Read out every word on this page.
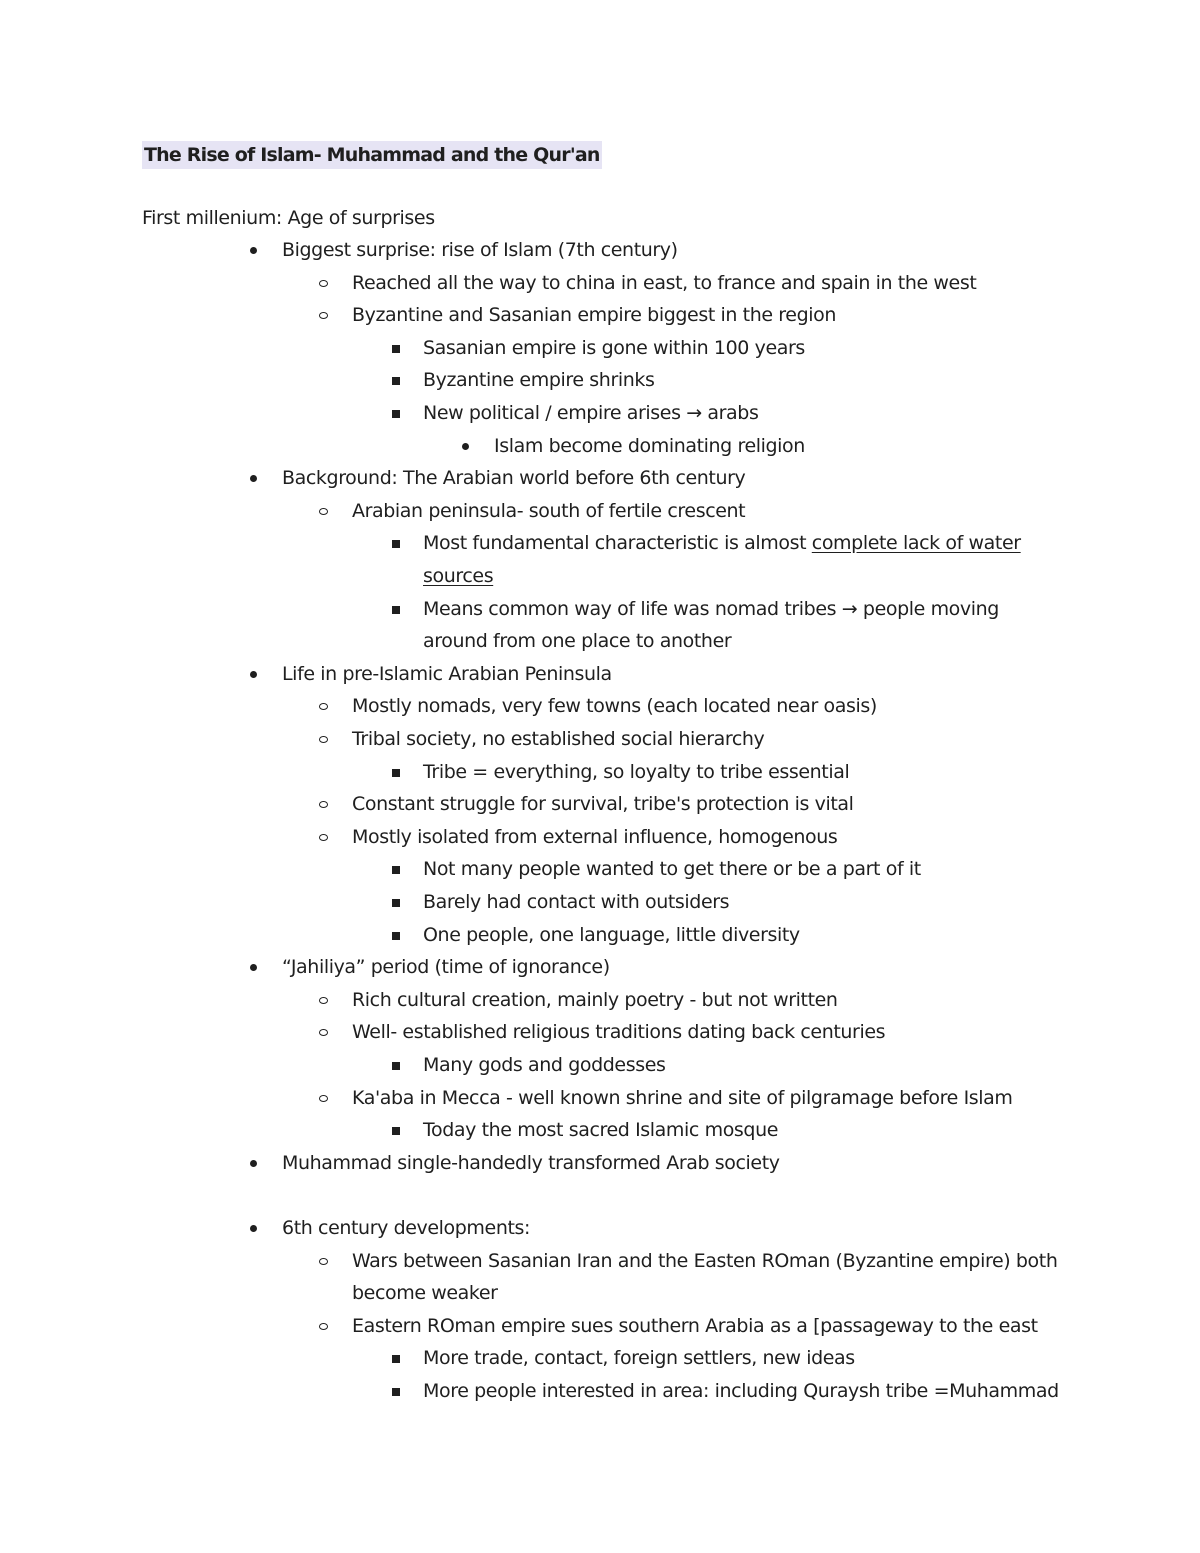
The Rise of Islam- Muhammad and the Qur'an
First millenium: Age of surprises
Biggest surprise: rise of Islam (7th century)
Reached all the way to china in east, to france and spain in the west
Byzantine and Sasanian empire biggest in the region
Sasanian empire is gone within 100 years
Byzantine empire shrinks
New political / empire arises → arabs
Islam become dominating religion
Background: The Arabian world before 6th century
Arabian peninsula- south of fertile crescent
Most fundamental characteristic is almost complete lack of water
sources
Means common way of life was nomad tribes → people moving
around from one place to another
Life in pre-Islamic Arabian Peninsula
Mostly nomads, very few towns (each located near oasis)
Tribal society, no established social hierarchy
Tribe = everything, so loyalty to tribe essential
Constant struggle for survival, tribe's protection is vital
Mostly isolated from external influence, homogenous
Not many people wanted to get there or be a part of it
Barely had contact with outsiders
One people, one language, little diversity
“Jahiliya” period (time of ignorance)
Rich cultural creation, mainly poetry - but not written
Well- established religious traditions dating back centuries
Many gods and goddesses
Ka'aba in Mecca - well known shrine and site of pilgramage before Islam
Today the most sacred Islamic mosque
Muhammad single-handedly transformed Arab society
6th century developments:
Wars between Sasanian Iran and the Easten ROman (Byzantine empire) both
become weaker
Eastern ROman empire sues southern Arabia as a [passageway to the east
More trade, contact, foreign settlers, new ideas
More people interested in area: including Quraysh tribe =Muhammad
